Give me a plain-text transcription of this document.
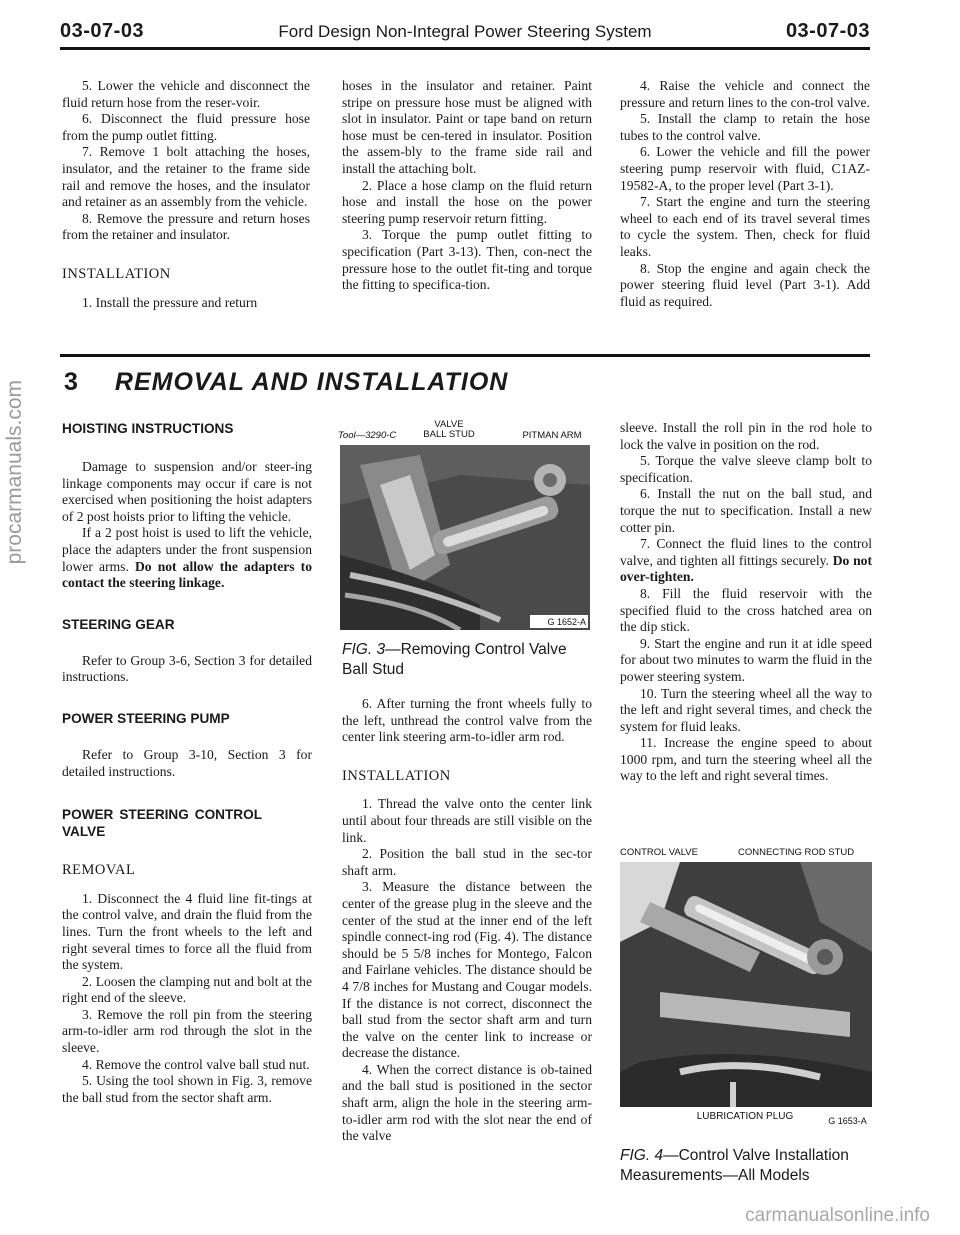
03-07-03	Ford Design Non-Integral Power Steering System	03-07-03

5. Lower the vehicle and disconnect the fluid return hose from the reser-voir.

6. Disconnect the fluid pressure hose from the pump outlet fitting.

7. Remove 1 bolt attaching the hoses, insulator, and the retainer to the frame side rail and remove the hoses, and the insulator and retainer as an assembly from the vehicle.

8. Remove the pressure and return hoses from the retainer and insulator.

INSTALLATION

1. Install the pressure and return

hoses in the insulator and retainer. Paint stripe on pressure hose must be aligned with slot in insulator. Paint or tape band on return hose must be cen-tered in insulator. Position the assem-bly to the frame side rail and install the attaching bolt.

2. Place a hose clamp on the fluid return hose and install the hose on the power steering pump reservoir return fitting.

3. Torque the pump outlet fitting to specification (Part 3-13). Then, con-nect the pressure hose to the outlet fit-ting and torque the fitting to specifica-tion.

4. Raise the vehicle and connect the pressure and return lines to the con-trol valve.

5. Install the clamp to retain the hose tubes to the control valve.

6. Lower the vehicle and fill the power steering pump reservoir with fluid, C1AZ-19582-A, to the proper level (Part 3-1).

7. Start the engine and turn the steering wheel to each end of its travel several times to cycle the system. Then, check for fluid leaks.

8. Stop the engine and again check the power steering fluid level (Part 3-1). Add fluid as required.

3 REMOVAL AND INSTALLATION

HOISTING INSTRUCTIONS

Damage to suspension and/or steer-ing linkage components may occur if care is not exercised when positioning the hoist adapters of 2 post hoists prior to lifting the vehicle.

If a 2 post hoist is used to lift the vehicle, place the adapters under the front suspension lower arms. Do not allow the adapters to contact the steering linkage.

STEERING GEAR

Refer to Group 3-6, Section 3 for detailed instructions.

POWER STEERING PUMP

Refer to Group 3-10, Section 3 for detailed instructions.

POWER STEERING CONTROL VALVE

REMOVAL

1. Disconnect the 4 fluid line fit-tings at the control valve, and drain the fluid from the lines. Turn the front wheels to the left and right several times to force all the fluid from the system.

2. Loosen the clamping nut and bolt at the right end of the sleeve.

3. Remove the roll pin from the steering arm-to-idler arm rod through the slot in the sleeve.

4. Remove the control valve ball stud nut.

5. Using the tool shown in Fig. 3, remove the ball stud from the sector shaft arm.

Tool—3290-C
VALVE
BALL STUD	PITMAN ARM
G 1652-A

FIG. 3—Removing Control Valve Ball Stud

6. After turning the front wheels fully to the left, unthread the control valve from the center link steering arm-to-idler arm rod.

INSTALLATION

1. Thread the valve onto the center link until about four threads are still visible on the link.

2. Position the ball stud in the sec-tor shaft arm.

3. Measure the distance between the center of the grease plug in the sleeve and the center of the stud at the inner end of the left spindle connect-ing rod (Fig. 4). The distance should be 5 5/8 inches for Montego, Falcon and Fairlane vehicles. The distance should be 4 7/8 inches for Mustang and Cougar models. If the distance is not correct, disconnect the ball stud from the sector shaft arm and turn the valve on the center link to increase or decrease the distance.

4. When the correct distance is ob-tained and the ball stud is positioned in the sector shaft arm, align the hole in the steering arm-to-idler arm rod with the slot near the end of the valve

sleeve. Install the roll pin in the rod hole to lock the valve in position on the rod.

5. Torque the valve sleeve clamp bolt to specification.

6. Install the nut on the ball stud, and torque the nut to specification. Install a new cotter pin.

7. Connect the fluid lines to the control valve, and tighten all fittings securely. Do not over-tighten.

8. Fill the fluid reservoir with the specified fluid to the cross hatched area on the dip stick.

9. Start the engine and run it at idle speed for about two minutes to warm the fluid in the power steering system.

10. Turn the steering wheel all the way to the left and right several times, and check the system for fluid leaks.

11. Increase the engine speed to about 1000 rpm, and turn the steering wheel all the way to the left and right several times.

CONTROL VALVE	CONNECTING ROD STUD
LUBRICATION PLUG	G 1653-A

FIG. 4—Control Valve Installation Measurements—All Models

procarmanuals.com
carmanualsonline.info
